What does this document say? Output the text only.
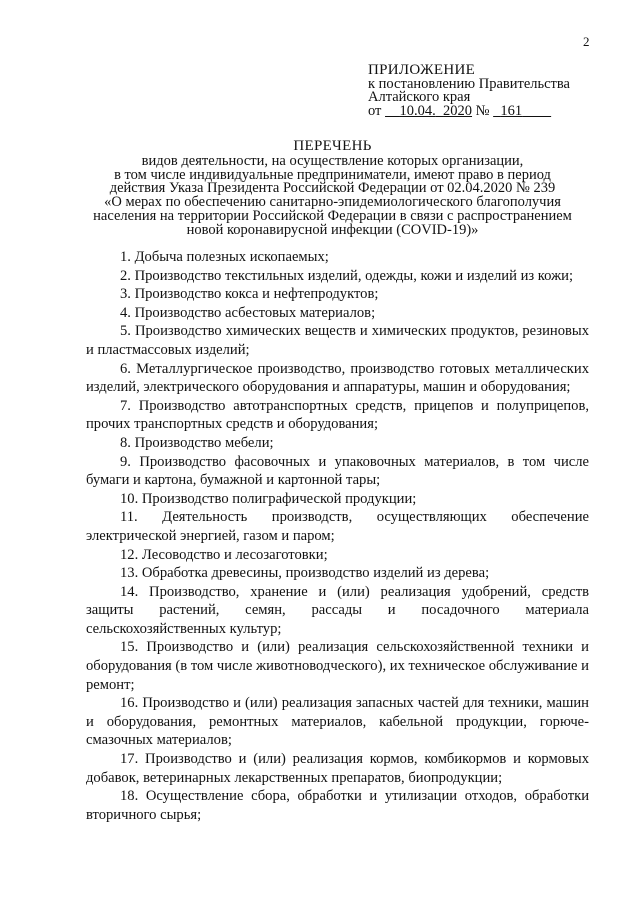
2
ПРИЛОЖЕНИЕ
к постановлению Правительства
Алтайского края
от 10.04. 2020 № 161
ПЕРЕЧЕНЬ
видов деятельности, на осуществление которых организации,
в том числе индивидуальные предприниматели, имеют право в период
действия Указа Президента Российской Федерации от 02.04.2020 № 239
«О мерах по обеспечению санитарно-эпидемиологического благополучия
населения на территории Российской Федерации в связи с распространением
новой коронавирусной инфекции (COVID-19)»

1. Добыча полезных ископаемых;

2. Производство текстильных изделий, одежды, кожи и изделий из кожи;

3. Производство кокса и нефтепродуктов;

4. Производство асбестовых материалов;

5. Производство химических веществ и химических продуктов, резиновых и пластмассовых изделий;

6. Металлургическое производство, производство готовых металлических изделий, электрического оборудования и аппаратуры, машин и оборудования;

7. Производство автотранспортных средств, прицепов и полуприцепов, прочих транспортных средств и оборудования;

8. Производство мебели;

9. Производство фасовочных и упаковочных материалов, в том числе бумаги и картона, бумажной и картонной тары;

10. Производство полиграфической продукции;

11. Деятельность производств, осуществляющих обеспечение электрической энергией, газом и паром;

12. Лесоводство и лесозаготовки;

13. Обработка древесины, производство изделий из дерева;

14. Производство, хранение и (или) реализация удобрений, средств защиты растений, семян, рассады и посадочного материала сельскохозяйственных культур;

15. Производство и (или) реализация сельскохозяйственной техники и оборудования (в том числе животноводческого), их техническое обслуживание и ремонт;

16. Производство и (или) реализация запасных частей для техники, машин и оборудования, ремонтных материалов, кабельной продукции, горюче-смазочных материалов;

17. Производство и (или) реализация кормов, комбикормов и кормовых добавок, ветеринарных лекарственных препаратов, биопродукции;

18. Осуществление сбора, обработки и утилизации отходов, обработки вторичного сырья;
